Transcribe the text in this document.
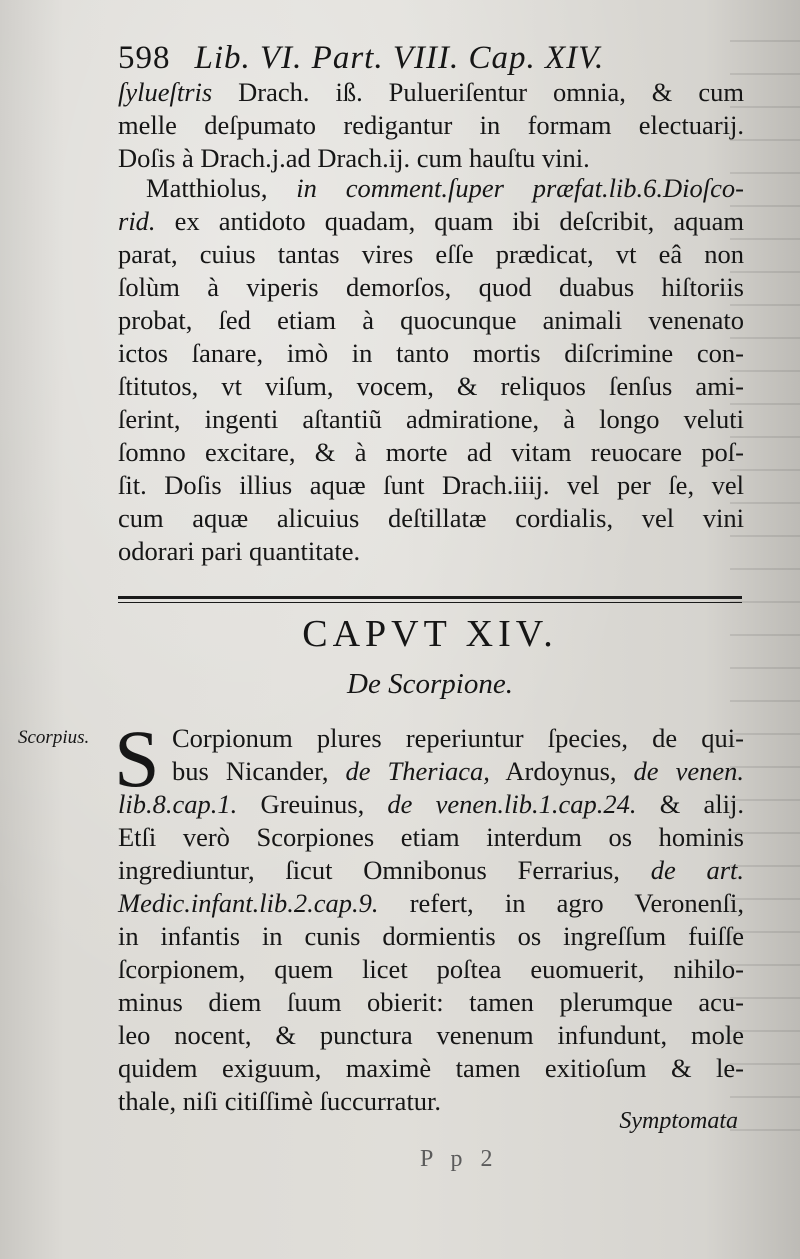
598 Lib. VI. Part. VIII. Cap. XIV.
ſylueſtris Drach. iß. Pulueriſentur omnia, & cum
melle deſpumato redigantur in formam electuarij.
Doſis à Drach.j.ad Drach.ij. cum hauſtu vini.
Matthiolus, in comment.ſuper præfat.lib.6.Dioſco-
rid. ex antidoto quadam, quam ibi deſcribit, aquam
parat, cuius tantas vires eſſe prædicat, vt eâ non
ſolùm à viperis demorſos, quod duabus hiſtoriis
probat, ſed etiam à quocunque animali venenato
ictos ſanare, imò in tanto mortis diſcrimine con-
ſtitutos, vt viſum, vocem, & reliquos ſenſus ami-
ſerint, ingenti aſtantiũ admiratione, à longo veluti
ſomno excitare, & à morte ad vitam reuocare poſ-
ſit. Doſis illius aquæ ſunt Drach.iiij. vel per ſe, vel
cum aquæ alicuius deſtillatæ cordialis, vel vini
odorari pari quantitate.
CAPVT XIV.
De Scorpione.
Scorpius. S Corpionum plures reperiuntur ſpecies, de qui-
bus Nicander, de Theriaca, Ardoynus, de venen.
lib.8.cap.1. Greuinus, de venen.lib.1.cap.24. & alij.
Etſi verò Scorpiones etiam interdum os hominis
ingrediuntur, ſicut Omnibonus Ferrarius, de art.
Medic.infant.lib.2.cap.9. refert, in agro Veronenſi,
in infantis in cunis dormientis os ingreſſum fuiſſe
ſcorpionem, quem licet poſtea euomuerit, nihilo-
minus diem ſuum obierit: tamen plerumque acu-
leo nocent, & punctura venenum infundunt, mole
quidem exiguum, maximè tamen exitioſum & le-
thale, niſi citiſſimè ſuccurratur.
Symptomata
P p 2
